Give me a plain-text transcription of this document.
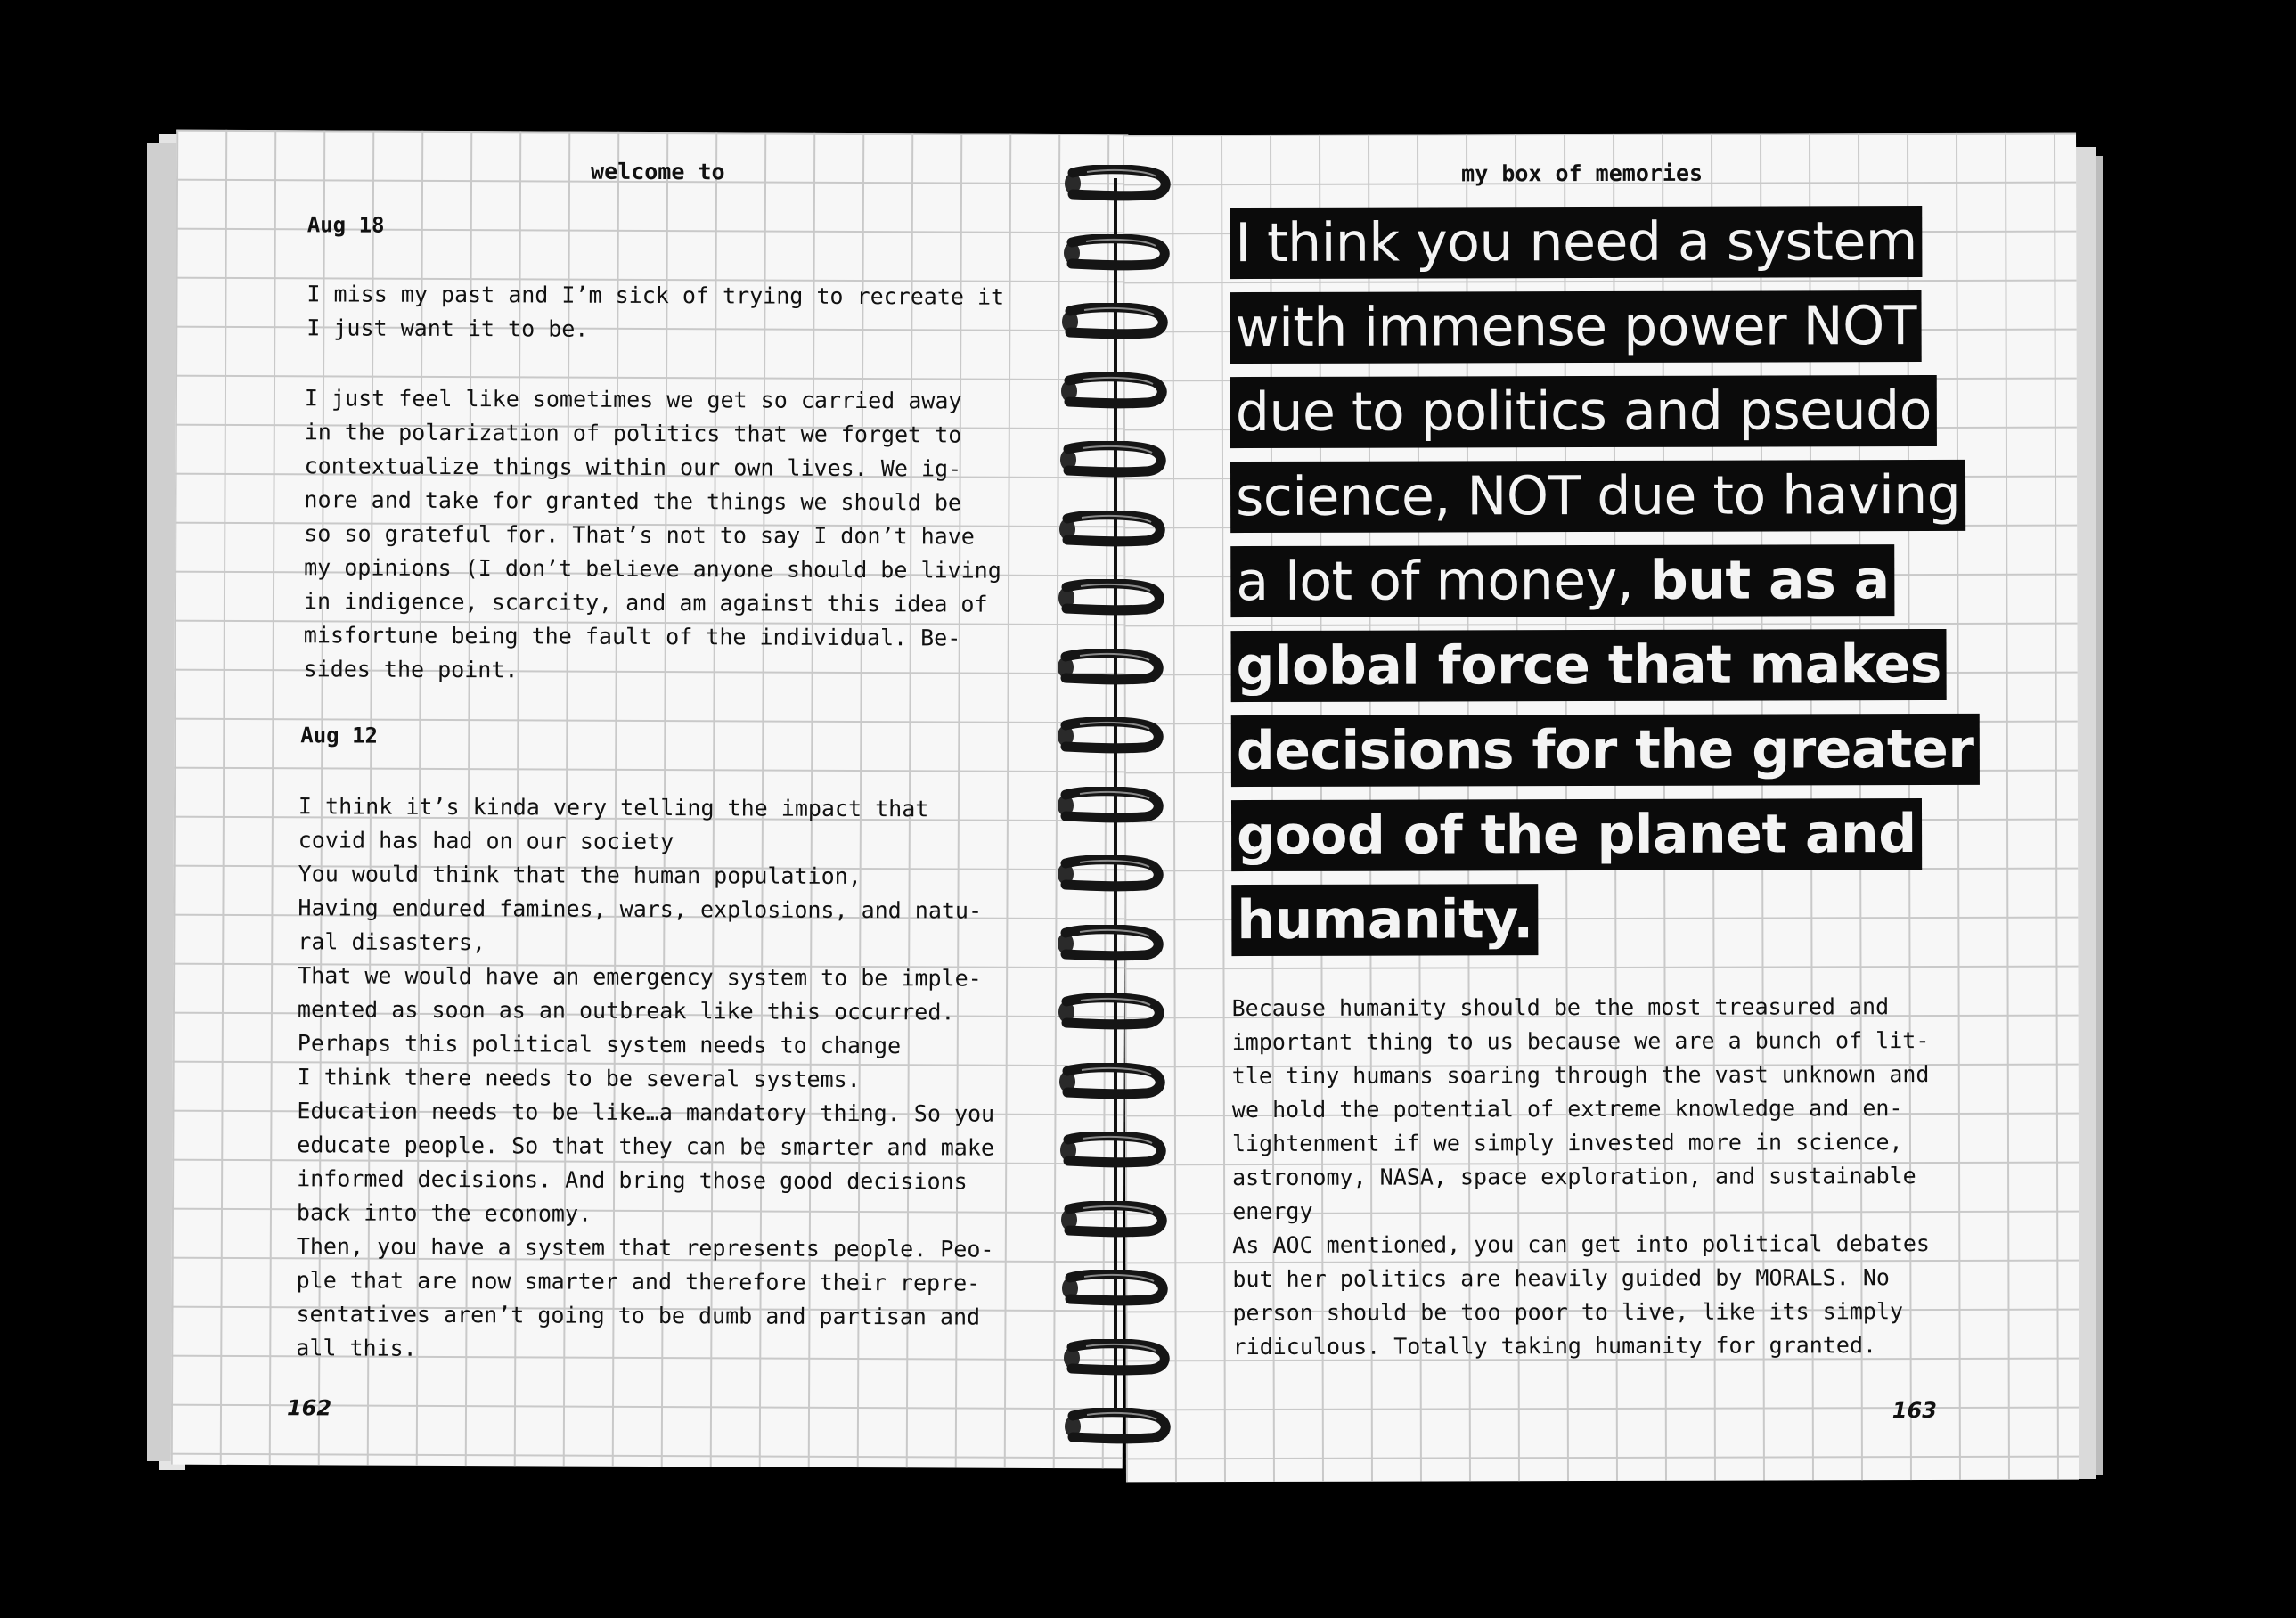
welcome to
Aug 18

I miss my past and I’m sick of trying to recreate it
I just want it to be.

I just feel like sometimes we get so carried away
in the polarization of politics that we forget to
contextualize things within our own lives. We ig-
nore and take for granted the things we should be
so so grateful for. That’s not to say I don’t have
my opinions (I don’t believe anyone should be living
in indigence, scarcity, and am against this idea of
misfortune being the fault of the individual. Be-
sides the point.

Aug 12

I think it’s kinda very telling the impact that
covid has had on our society
You would think that the human population,
Having endured famines, wars, explosions, and natu-
ral disasters,
That we would have an emergency system to be imple-
mented as soon as an outbreak like this occurred.
Perhaps this political system needs to change
I think there needs to be several systems.
Education needs to be like…a mandatory thing. So you
educate people. So that they can be smarter and make
informed decisions. And bring those good decisions
back into the economy.
Then, you have a system that represents people. Peo-
ple that are now smarter and therefore their repre-
sentatives aren’t going to be dumb and partisan and
all this.

162
my box of memories
I think you need a system
with immense power NOT
due to politics and pseudo
science, NOT due to having
a lot of money, but as a
global force that makes
decisions for the greater
good of the planet and
humanity.

Because humanity should be the most treasured and
important thing to us because we are a bunch of lit-
tle tiny humans soaring through the vast unknown and
we hold the potential of extreme knowledge and en-
lightenment if we simply invested more in science,
astronomy, NASA, space exploration, and sustainable
energy
As AOC mentioned, you can get into political debates
but her politics are heavily guided by MORALS. No
person should be too poor to live, like its simply
ridiculous. Totally taking humanity for granted.

163
